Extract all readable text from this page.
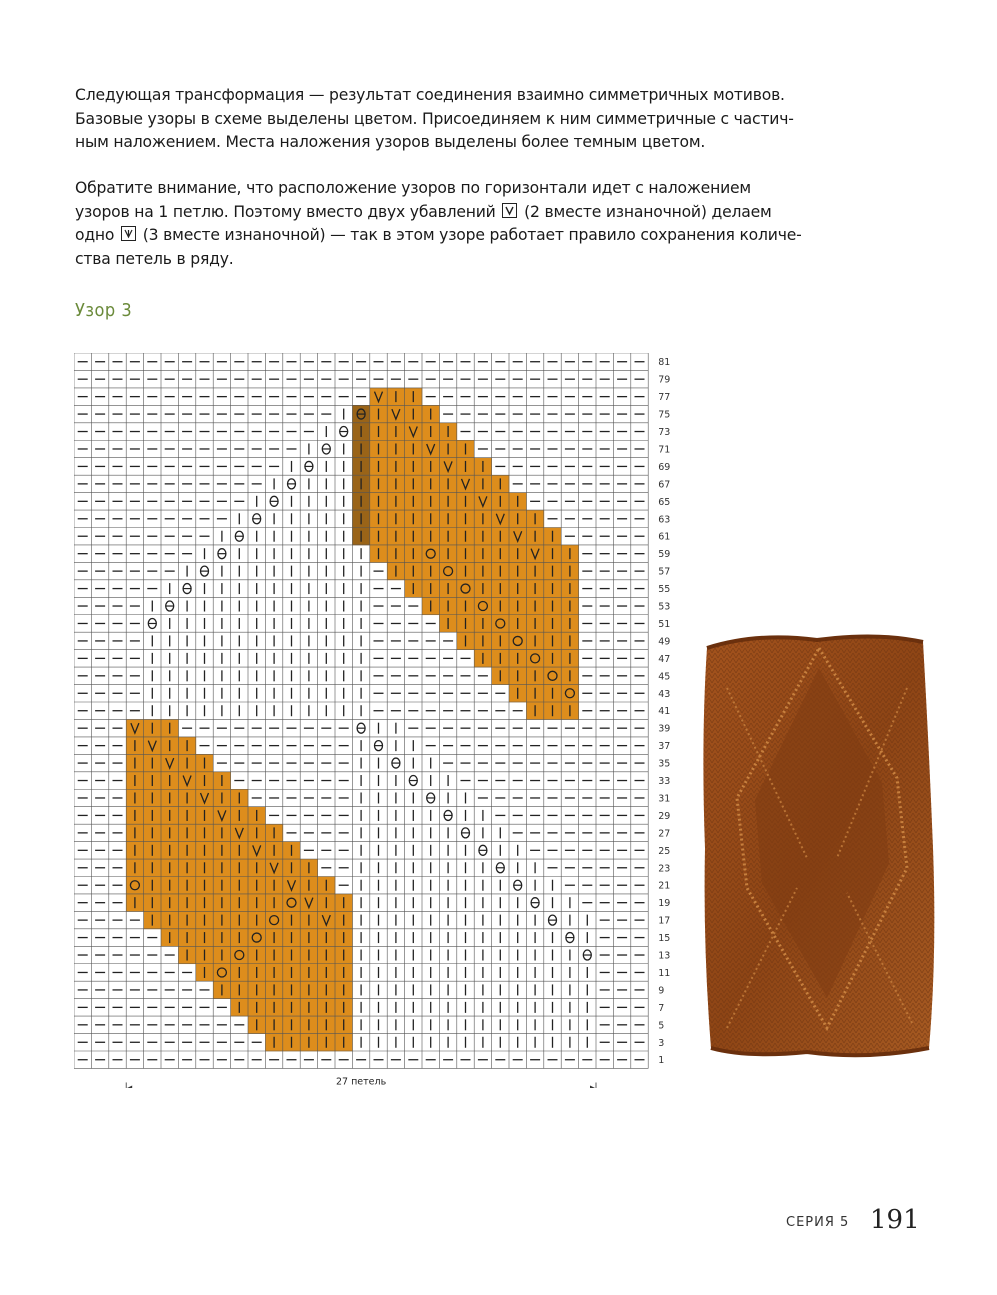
Следующая трансформация — результат соединения взаимно симметричных мотивов.
Базовые узоры в схеме выделены цветом. Присоединяем к ним симметричные с частич-
ным наложением. Места наложения узоров выделены более темным цветом.
Обратите внимание, что расположение узоров по горизонтали идет с наложением
узоров на 1 петлю. Поэтому вместо двух убавлений (2 вместе изнаночной) делаем
одно (3 вместе изнаночной) — так в этом узоре работает правило сохранения количе-
ства петель в ряду.
Узор 3
81
79
77
75
73
71
69
67
65
63
61
59
57
55
53
51
49
47
45
43
41
39
37
35
33
31
29
27
25
23
21
19
17
15
13
11
9
7
5
3
1
27 петель
СЕРИЯ 5 191
